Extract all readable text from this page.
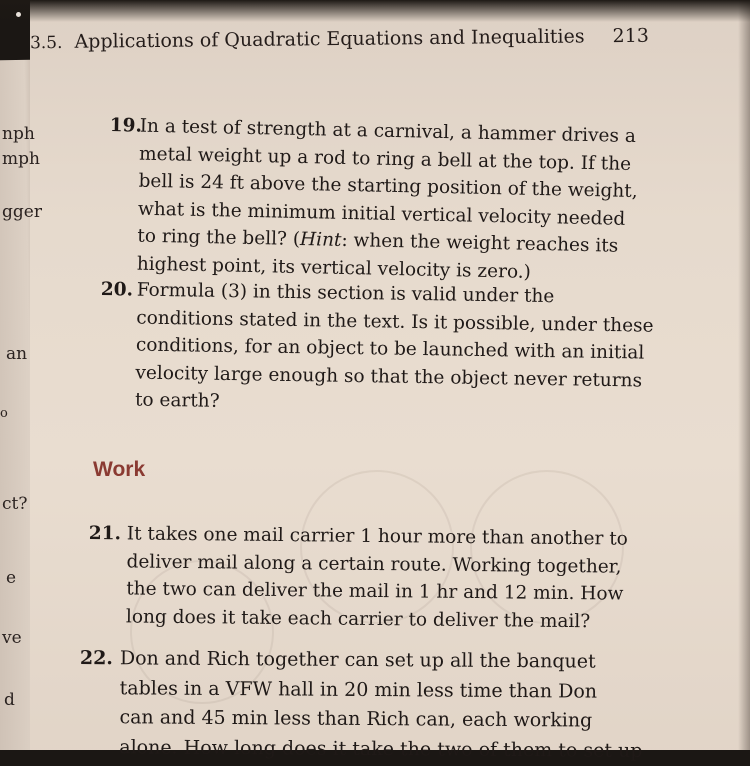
3.5. Applications of Quadratic Equations and Inequalities 213
nph
mph
gger
an
o
ct?
e
ve
d
19.In a test of strength at a carnival, a hammer drives a
metal weight up a rod to ring a bell at the top. If the
bell is 24 ft above the starting position of the weight,
what is the minimum initial vertical velocity needed
to ring the bell? (Hint: when the weight reaches its
highest point, its vertical velocity is zero.)
20. Formula (3) in this section is valid under the
conditions stated in the text. Is it possible, under these
conditions, for an object to be launched with an initial
velocity large enough so that the object never returns
to earth?
Work
21. It takes one mail carrier 1 hour more than another to
deliver mail along a certain route. Working together,
the two can deliver the mail in 1 hr and 12 min. How
long does it take each carrier to deliver the mail?
22. Don and Rich together can set up all the banquet
tables in a VFW hall in 20 min less time than Don
can and 45 min less than Rich can, each working
alone. How long does it take the two of them to set up
